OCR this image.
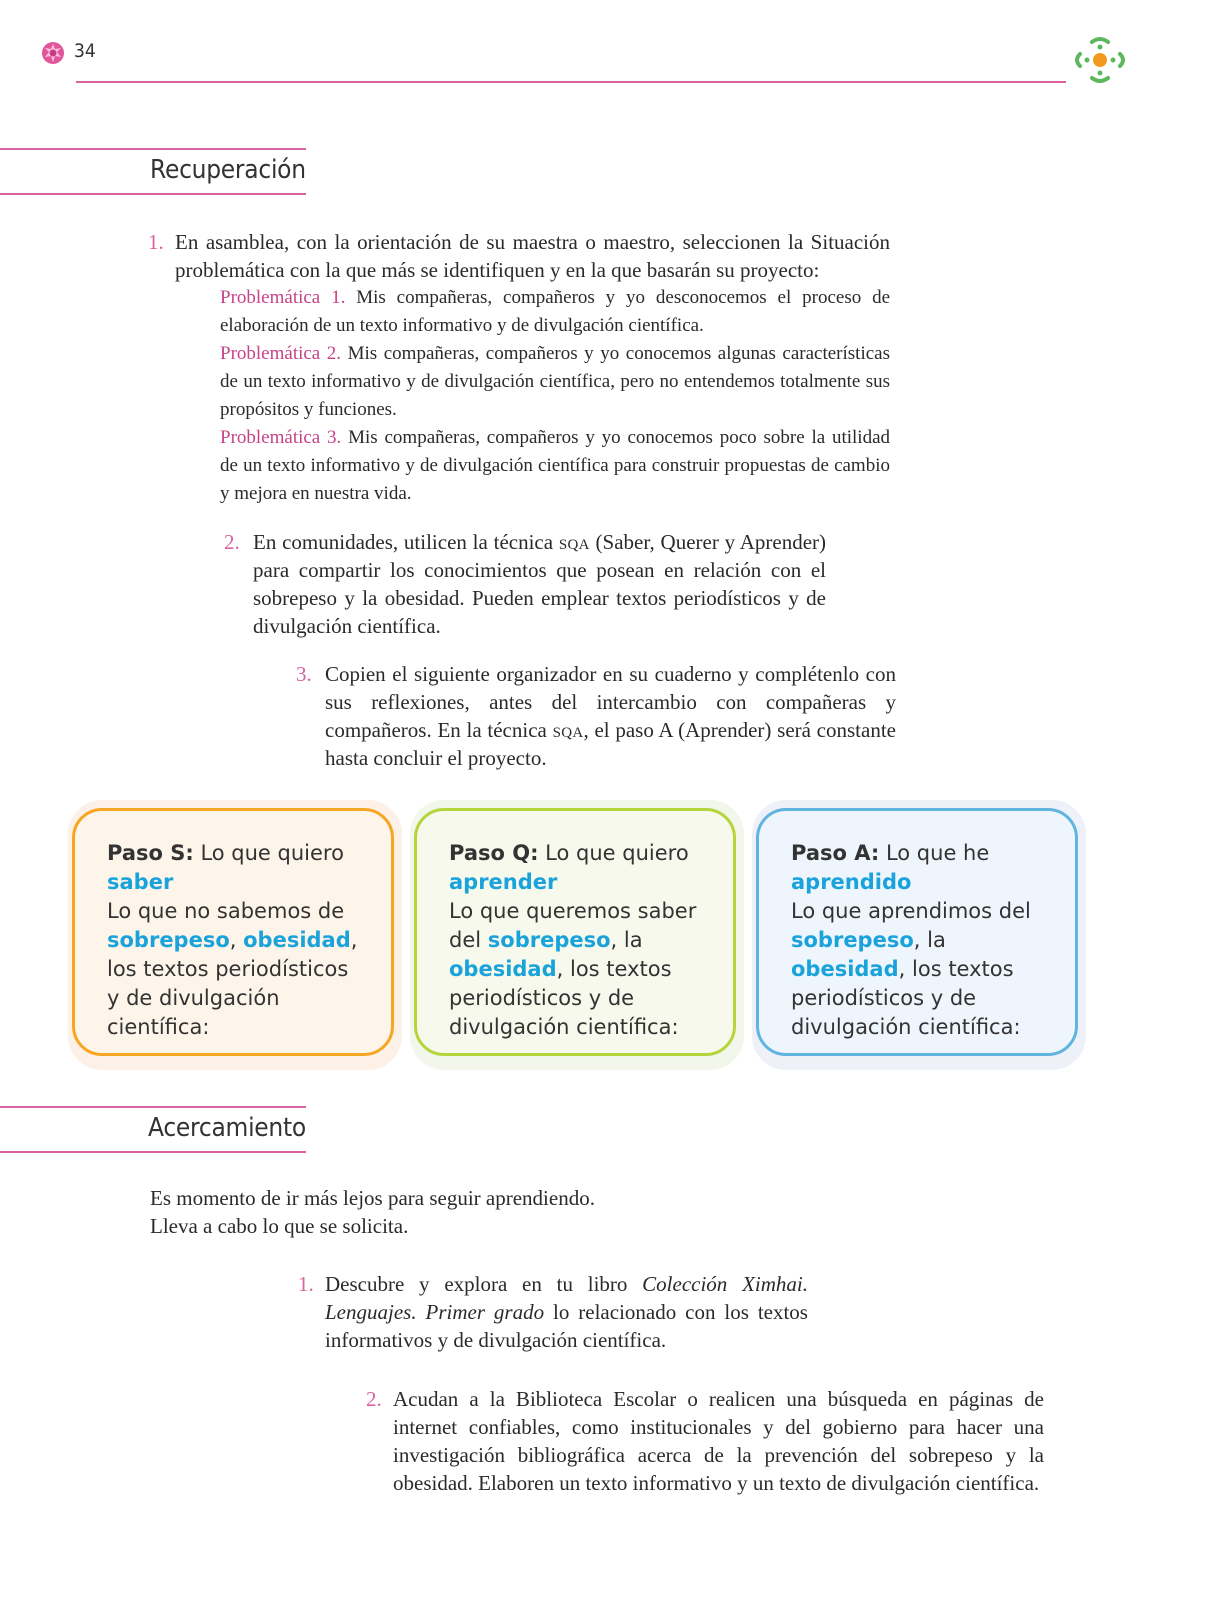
34
Recuperación
1. En asamblea, con la orientación de su maestra o maestro, seleccionen la Situación problemática con la que más se identifiquen y en la que basarán su proyecto:
Problemática 1. Mis compañeras, compañeros y yo desconocemos el proceso de elaboración de un texto informativo y de divulgación científica.
Problemática 2. Mis compañeras, compañeros y yo conocemos algunas características de un texto informativo y de divulgación científica, pero no entendemos totalmente sus propósitos y funciones.
Problemática 3. Mis compañeras, compañeros y yo conocemos poco sobre la utilidad de un texto informativo y de divulgación científica para construir propuestas de cambio y mejora en nuestra vida.
2. En comunidades, utilicen la técnica sqa (Saber, Querer y Aprender) para compartir los conocimientos que posean en relación con el sobrepeso y la obesidad. Pueden emplear textos periodísticos y de divulgación científica.
3. Copien el siguiente organizador en su cuaderno y complétenlo con sus reflexiones, antes del intercambio con compañeras y compañeros. En la técnica sqa, el paso A (Aprender) será constante hasta concluir el proyecto.
Paso S: Lo que quiero
saber
Lo que no sabemos de
sobrepeso, obesidad, los textos periodísticos y de divulgación científica:
Paso Q: Lo que quiero
aprender
Lo que queremos saber del sobrepeso, la obesidad, los textos periodísticos y de divulgación científica:
Paso A: Lo que he
aprendido
Lo que aprendimos del
sobrepeso, la obesidad, los textos periodísticos y de divulgación científica:
Acercamiento
Es momento de ir más lejos para seguir aprendiendo.
Lleva a cabo lo que se solicita.
1. Descubre y explora en tu libro Colección Ximhai. Lenguajes. Primer grado lo relacionado con los textos informativos y de divulgación científica.
2. Acudan a la Biblioteca Escolar o realicen una búsqueda en páginas de internet confiables, como institucionales y del gobierno para hacer una investigación bibliográfica acerca de la prevención del sobrepeso y la obesidad. Elaboren un texto informativo y un texto de divulgación científica.
